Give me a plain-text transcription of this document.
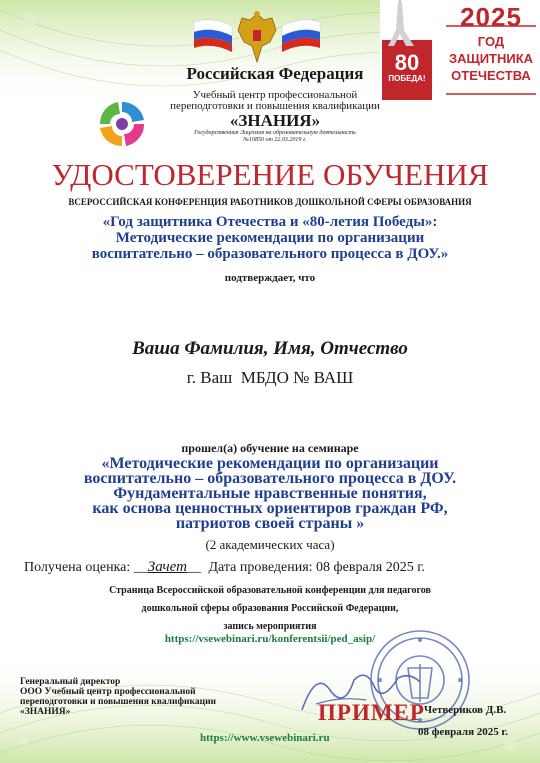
80
ПОБЕДА!
2025
ГОД
ЗАЩИТНИКА
ОТЕЧЕСТВА
Российская Федерация
Учебный центр профессиональной
переподготовки и повышения квалификации
«ЗНАНИЯ»
Государственная Лицензия на образовательную деятельность
№10850 от 22.03.2019 г.
УДОСТОВЕРЕНИЕ ОБУЧЕНИЯ
ВСЕРОССИЙСКАЯ КОНФЕРЕНЦИЯ РАБОТНИКОВ ДОШКОЛЬНОЙ СФЕРЫ ОБРАЗОВАНИЯ
«Год защитника Отечества и «80-летия Победы»:
Методические рекомендации по организации
воспитательно – образовательного процесса в ДОУ.»
подтверждает, что
Ваша Фамилия, Имя, Отчество
г. Ваш  МБДО № ВАШ
прошел(а) обучение на семинаре
«Методические рекомендации по организации
воспитательно – образовательного процесса в ДОУ.
Фундаментальные нравственные понятия,
как основа ценностных ориентиров граждан РФ,
патриотов своей страны »
(2 академических часа)
Получена оценка: __Зачет__ Дата проведения: 08 февраля 2025 г.
Страница Всероссийской образовательной конференции для педагогов
дошкольной сферы образования Российской Федерации,
запись мероприятия
https://vsewebinari.ru/konferentsii/ped_asip/
Генеральный директор
ООО Учебный центр профессиональной
переподготовки и повышения квалификации
«ЗНАНИЯ»	ПРИМЕР Четвериков Д.В.
08 февраля 2025 г.
https://www.vsewebinari.ru
